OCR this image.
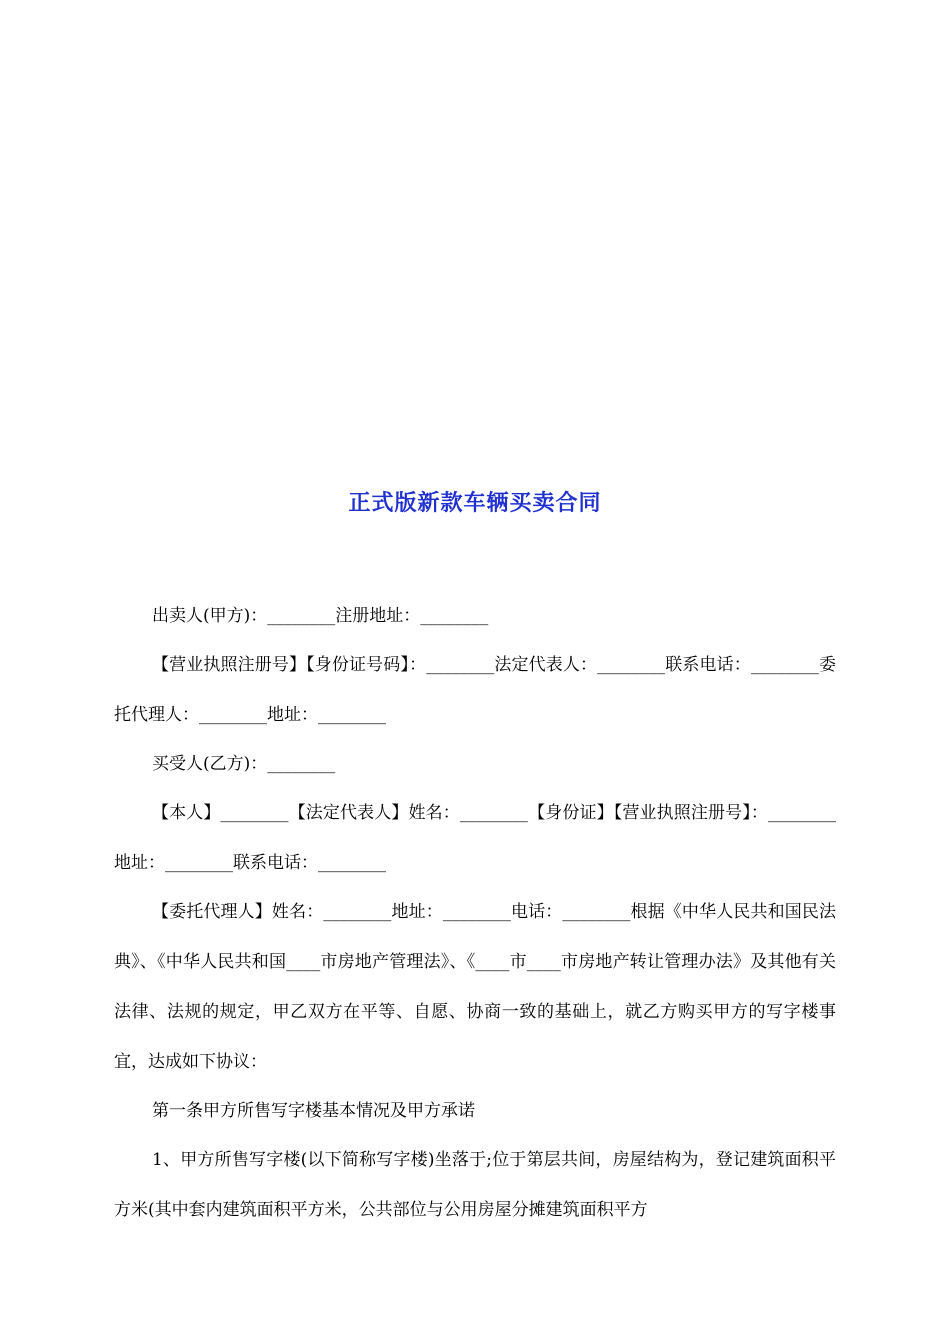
正式版新款车辆买卖合同

出卖人(甲方)：________注册地址：________

【营业执照注册号】【身份证号码】：________法定代表人：________联系电话：________委托代理人：________地址：________

买受人(乙方)：________

【本人】________【法定代表人】姓名：________【身份证】【营业执照注册号】：________地址：________联系电话：________

【委托代理人】姓名：________地址：________电话：________根据《中华人民共和国民法典》、《中华人民共和国____市房地产管理法》、《____市____市房地产转让管理办法》及其他有关法律、法规的规定，甲乙双方在平等、自愿、协商一致的基础上，就乙方购买甲方的写字楼事宜，达成如下协议：

第一条甲方所售写字楼基本情况及甲方承诺

1、甲方所售写字楼(以下简称写字楼)坐落于;位于第层共间，房屋结构为，登记建筑面积平方米(其中套内建筑面积平方米，公共部位与公用房屋分摊建筑面积平方
